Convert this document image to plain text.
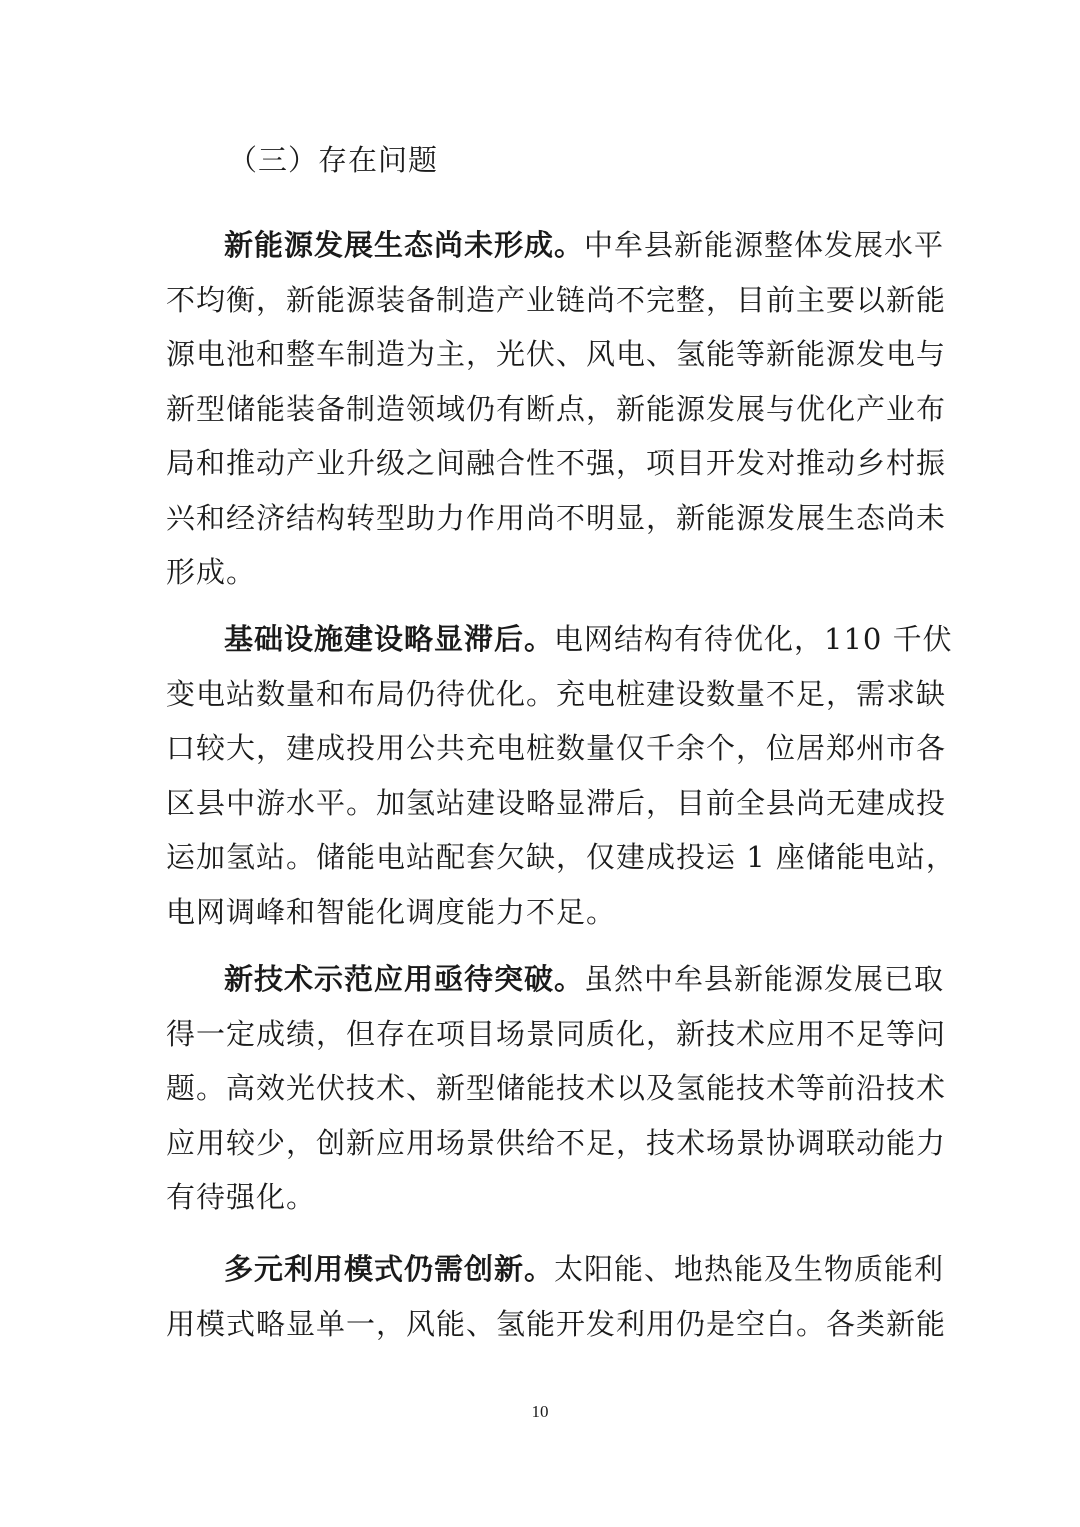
（三）存在问题
新能源发展生态尚未形成。中牟县新能源整体发展水平
不均衡，新能源装备制造产业链尚不完整，目前主要以新能
源电池和整车制造为主，光伏、风电、氢能等新能源发电与
新型储能装备制造领域仍有断点，新能源发展与优化产业布
局和推动产业升级之间融合性不强，项目开发对推动乡村振
兴和经济结构转型助力作用尚不明显，新能源发展生态尚未
形成。
基础设施建设略显滞后。电网结构有待优化，110 千伏
变电站数量和布局仍待优化。充电桩建设数量不足，需求缺
口较大，建成投用公共充电桩数量仅千余个，位居郑州市各
区县中游水平。加氢站建设略显滞后，目前全县尚无建成投
运加氢站。储能电站配套欠缺，仅建成投运 1 座储能电站，
电网调峰和智能化调度能力不足。
新技术示范应用亟待突破。虽然中牟县新能源发展已取
得一定成绩，但存在项目场景同质化，新技术应用不足等问
题。高效光伏技术、新型储能技术以及氢能技术等前沿技术
应用较少，创新应用场景供给不足，技术场景协调联动能力
有待强化。
多元利用模式仍需创新。太阳能、地热能及生物质能利
用模式略显单一，风能、氢能开发利用仍是空白。各类新能
10
